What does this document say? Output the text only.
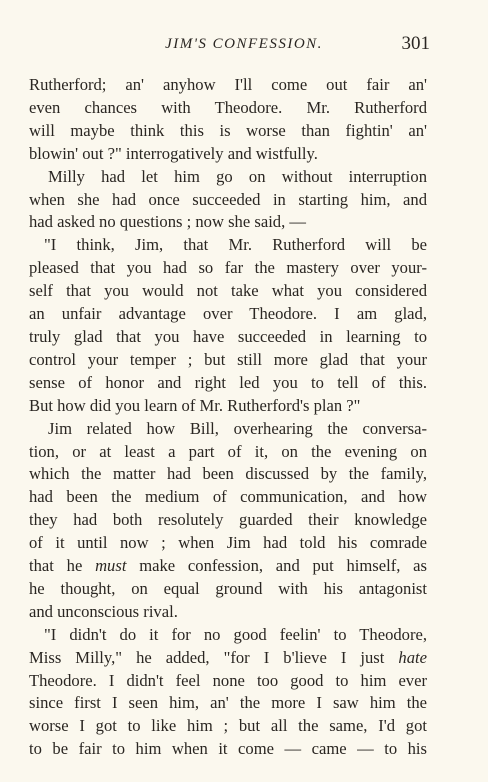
JIM'S CONFESSION.	301
Rutherford; an' anyhow I'll come out fair an'
even chances with Theodore. Mr. Rutherford
will maybe think this is worse than fightin' an'
blowin' out ?" interrogatively and wistfully.
Milly had let him go on without interruption
when she had once succeeded in starting him, and
had asked no questions ; now she said, —
"I think, Jim, that Mr. Rutherford will be
pleased that you had so far the mastery over your-
self that you would not take what you considered
an unfair advantage over Theodore. I am glad,
truly glad that you have succeeded in learning to
control your temper ; but still more glad that your
sense of honor and right led you to tell of this.
But how did you learn of Mr. Rutherford's plan ?"
Jim related how Bill, overhearing the conversa-
tion, or at least a part of it, on the evening on
which the matter had been discussed by the family,
had been the medium of communication, and how
they had both resolutely guarded their knowledge
of it until now ; when Jim had told his comrade
that he must make confession, and put himself, as
he thought, on equal ground with his antagonist
and unconscious rival.
"I didn't do it for no good feelin' to Theodore,
Miss Milly," he added, "for I b'lieve I just hate
Theodore. I didn't feel none too good to him ever
since first I seen him, an' the more I saw him the
worse I got to like him ; but all the same, I'd got
to be fair to him when it come — came — to his
